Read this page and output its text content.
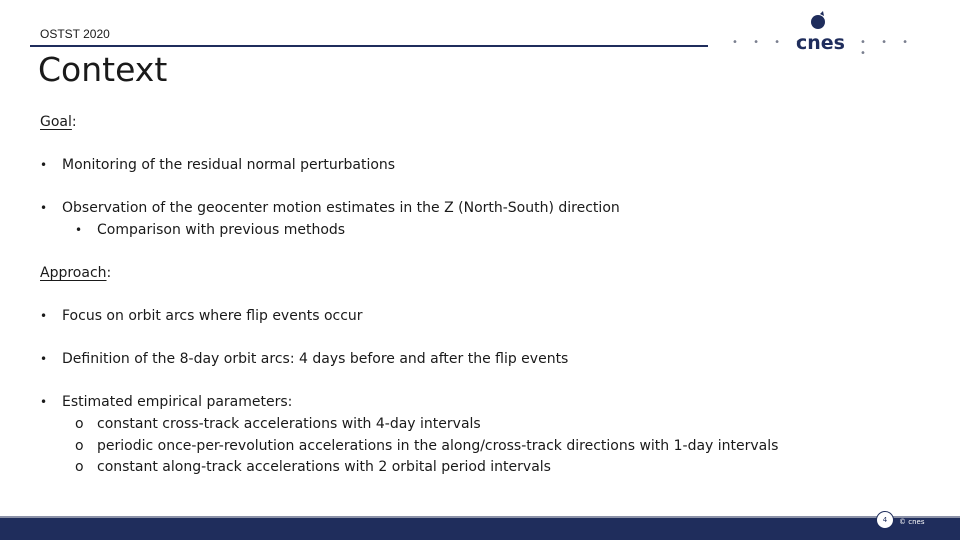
OSTST 2020
• • • •
cnes • • • •
Context
Goal:
• Monitoring of the residual normal perturbations
• Observation of the geocenter motion estimates in the Z (North-South) direction
• Comparison with previous methods
Approach:
• Focus on orbit arcs where flip events occur
• Definition of the 8-day orbit arcs: 4 days before and after the flip events
• Estimated empirical parameters:
o constant cross-track accelerations with 4-day intervals
o periodic once-per-revolution accelerations in the along/cross-track directions with 1-day intervals
o constant along-track accelerations with 2 orbital period intervals
4	© cnes
